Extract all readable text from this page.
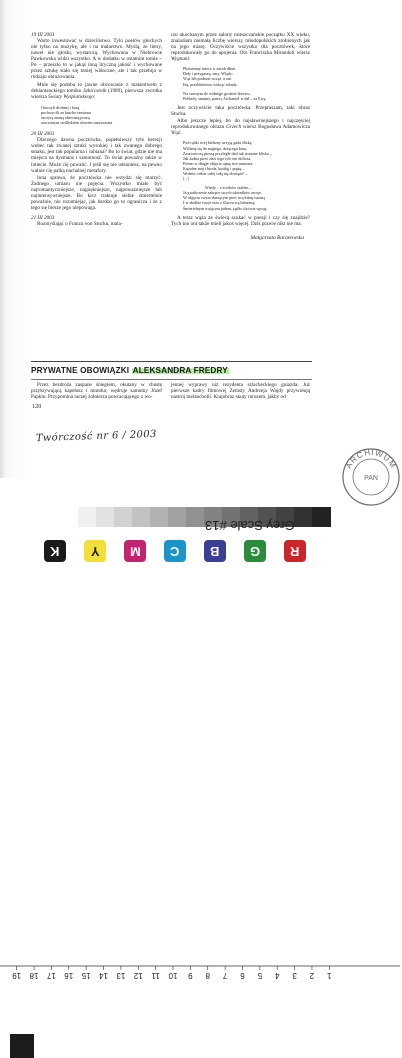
19 III 2003

Warto inwestować w dzieciństwo. Tylu poetów głuchych nie tylko na muzykę, ale i na malarstwo. Myślą, że litery, nawet nie głoski, wystarczą. Wychowana w Niebrowie Pawkowska widzi wszystko. A w dodatku w ostatnim tomie – Po – przeszło to w jakąś inną liryczną jakość i wychowane przez sztukę stało się mniej widoczne, ale i tak przebija w rodzaju obrazowania.

Mnie się podoba to jawne obcowanie z malarstwem z debiantanckiego tomiku Szkicownik (1989), pierwsza zwrotka wiersza Światy Wyspiańskiego:

Otoczyli drobnej i bosą
pochwycili za krucho ramiona
szczyrą znaną obiecaną prozą
otoczonym siedliskiem słowem narzuczona

20 III 2003

Dlaczego dawna pocztówka, popełniwszy tyle herezji wobec tak zwanej sztuki wysokiej i tak zwanego dobrego smaku, jest tak popularna i lubiana? Bo to świat, gdzie nie ma miejsca na dysmans i samotność. To świat powaźny także w intiecie. Może cię powalić. I jeśli się nie odsuniesz, na pewno walnie cię palką nachalnej metafory.

Inna sprawa, że pocztówka nie wstydzi się marzyć. Żadnego umiaru nie pojęcia. Wszystko miało być najromantyczniejsze, najpiękniejsze, najpoważniejsze lub najintensywniejsze. Bo kicz traktuje siebie śmiertelnie poważnie, nie rozumiejąc, jak bardzo go to ogranicza i że z tego się bierze jego niepowaga.

21 III 2003

Rozmyślając o Franzu von Stucku, mala-

rzu ukochanym przez salony mieszczańskie początku XX wieku, znalazłam niemałą liczbę wierszy młodopolskich zrobionych jak na jego miarę. Oczywiście wszystko dla pocztówek, które reprodukowały go do upojenia. Oto Franciszka Mirandoli wiersz Wygnani:

Płomienny miecz w zasob dłoni
Dzły i przygaszą, smy, Wlądy:
Wąż leb podnosi wciąż, a oni
Idą, przekleństwo widząc zdrady.
Na czarnym tle widnięje groźnie drzewo,
Poblady, smutny, patrzy Archanioł w dal – za Ewą.

Jest oczywiście taka pocztówka. Przepraszam, taki obraz Stucka.

Albo jeszcze lepiej, bo do najsławniejszego i najczęściej reprodukowanego obrazu Grzech wiersz Bogusława Adamowicza Wąż:

Pod rąbki twej bielizny urzyją gada śliską
Wśliznę się do nagiego, drżącego łona,
Zaszczerczą pieszą przyległe dził tak straszne blisko –
Jak żadna pieść dziś tego tyle nie dolicza.
Potem w długie objęcia ujmę twe ramiona,
Kużalne mój i bioda, kusiłęj i prężę –
Wołeńo ciebie całej całą się obwięże! –
[...]
Wiedy – z ścieków szalem –
Ja gwałtownie zakręce swych ukrzników zwoje,
W objęciu swym duszącym piert twą kiśnę istotną
I w słodkie twoje usta z śliwowicą lubieżną,
Śmiertelnym trującym jadem, żądło chciwie wpoję.

A teraz wąża ze świecą szukać w poezji i czy się znajdzie? Tych lon oni także mieli jakoś więcej. Dziś prawie nikt nie ma.

Małgorzata Baranowska
PRYWATNE OBOWIĄZKI ALEKSANDRA FREDRY

Przez bezdroża zaspane śniegiem, okutany w chustę przykrywającą kapelusz i mundur, wędruje samotny Józef Papkin. Przypomina raczej żołnierza powracającego z wo-

jennej wyprawy niż rezydenta szlacheckiego gniazda. Już pierwsze kadry filmowej Zemsty Andrzeja Wajdy przywołują nastrój melancholii. Krajobraz skuty mrozem, jakby od

120
Twórczość nr 6 / 2003
19 18 17 16 15 14 13 12 11 10 9 8 7 6 5 4 3 2 1
K Y M C B G R
Grey Scale #13
ARCHIWUM
PAN
